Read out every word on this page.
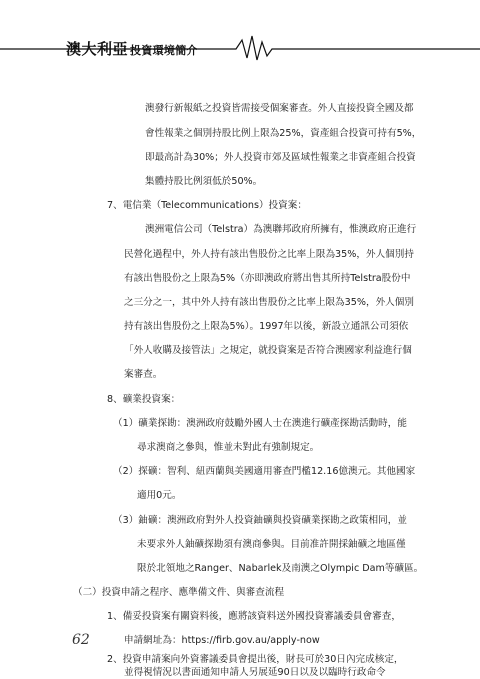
澳大利亞 投資環境簡介
澳發行新報紙之投資皆需接受個案審查。外人直接投資全國及都
會性報業之個別持股比例上限為25%，資產組合投資可持有5%，
即最高計為30%；外人投資市郊及區域性報業之非資產組合投資
集體持股比例須低於50%。
7、電信業（Telecommunications）投資案：
澳洲電信公司（Telstra）為澳聯邦政府所擁有，惟澳政府正進行
民營化過程中，外人持有該出售股份之比率上限為35%，外人個別持
有該出售股份之上限為5%（亦即澳政府將出售其所持Telstra股份中
之三分之一，其中外人持有該出售股份之比率上限為35%，外人個別
持有該出售股份之上限為5%）。1997年以後，新設立通訊公司須依
「外人收購及接管法」之規定，就投資案是否符合澳國家利益進行個
案審查。
8、礦業投資案：
（1）礦業探勘：澳洲政府鼓勵外國人士在澳進行礦產探勘活動時，能
尋求澳商之參與，惟並未對此有強制規定。
（2）探礦：智利、紐西蘭與美國適用審查門檻12.16億澳元。其他國家
適用0元。
（3）鈾礦：澳洲政府對外人投資鈾礦與投資礦業探勘之政策相同，並
未要求外人鈾礦探勘須有澳商參與。目前准許開採鈾礦之地區僅
限於北領地之Ranger、Nabarlek及南澳之Olympic Dam等礦區。
（二）投資申請之程序、應準備文件、與審查流程
1、備妥投資案有關資料後，應將該資料送外國投資審議委員會審查，
申請網址為：https://firb.gov.au/apply-now
2、投資申請案向外資審議委員會提出後，財長可於30日內完成核定，
並得視情況以書面通知申請人另展延90日以及以臨時行政命令
62
